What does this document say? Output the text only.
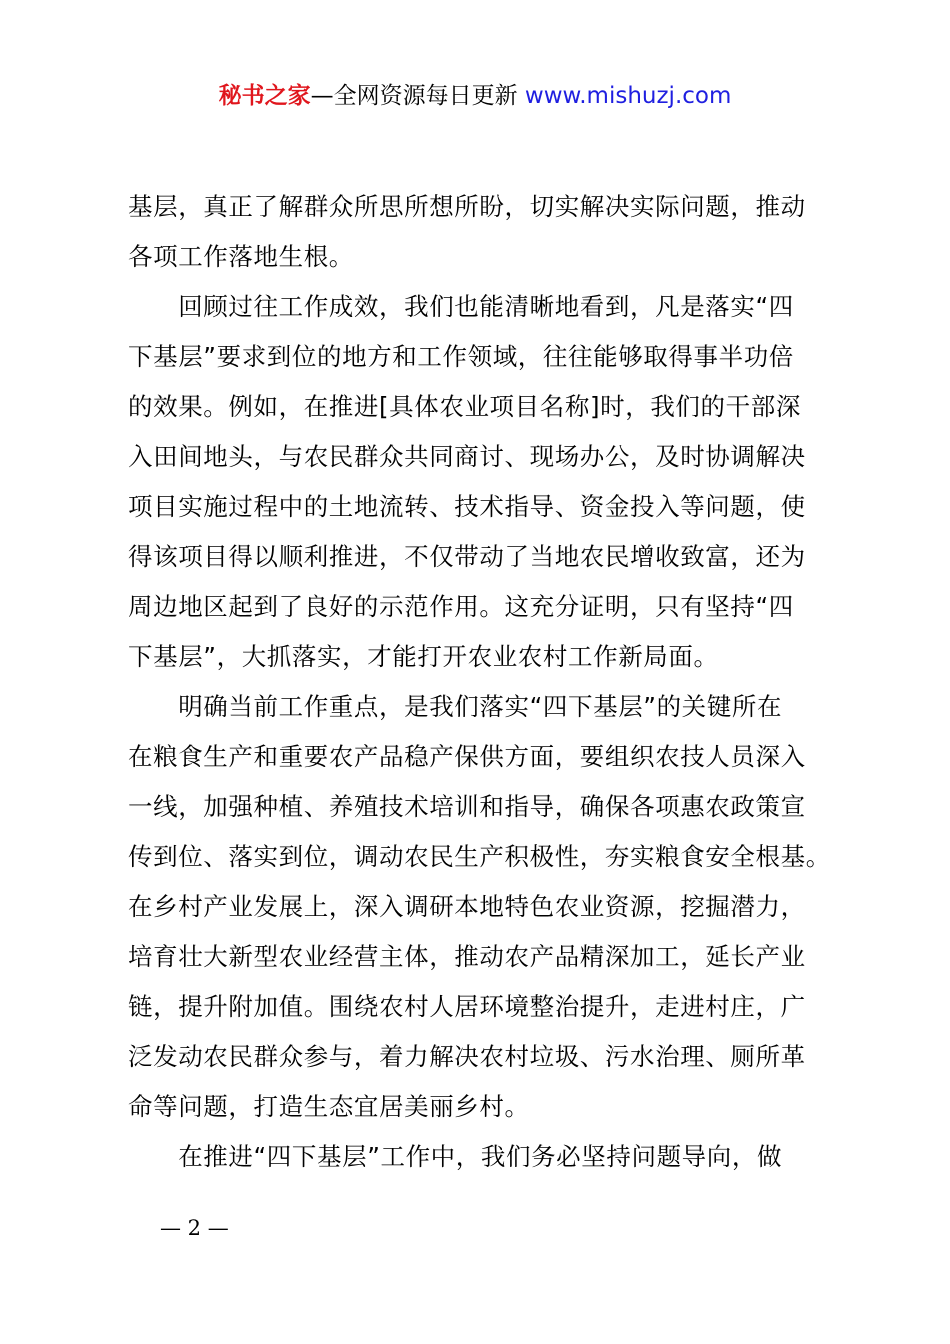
秘书之家—全网资源每日更新 www.mishuzj.com
基层，真正了解群众所思所想所盼，切实解决实际问题，推动
各项工作落地生根。
　　回顾过往工作成效，我们也能清晰地看到，凡是落实“四
下基层”要求到位的地方和工作领域，往往能够取得事半功倍
的效果。例如，在推进[具体农业项目名称]时，我们的干部深
入田间地头，与农民群众共同商讨、现场办公，及时协调解决
项目实施过程中的土地流转、技术指导、资金投入等问题，使
得该项目得以顺利推进，不仅带动了当地农民增收致富，还为
周边地区起到了良好的示范作用。这充分证明，只有坚持“四
下基层”，大抓落实，才能打开农业农村工作新局面。
　　明确当前工作重点，是我们落实“四下基层”的关键所在
在粮食生产和重要农产品稳产保供方面，要组织农技人员深入
一线，加强种植、养殖技术培训和指导，确保各项惠农政策宣
传到位、落实到位，调动农民生产积极性，夯实粮食安全根基。
在乡村产业发展上，深入调研本地特色农业资源，挖掘潜力，
培育壮大新型农业经营主体，推动农产品精深加工，延长产业
链，提升附加值。围绕农村人居环境整治提升，走进村庄，广
泛发动农民群众参与，着力解决农村垃圾、污水治理、厕所革
命等问题，打造生态宜居美丽乡村。
　　在推进“四下基层”工作中，我们务必坚持问题导向，做
— 2 —
